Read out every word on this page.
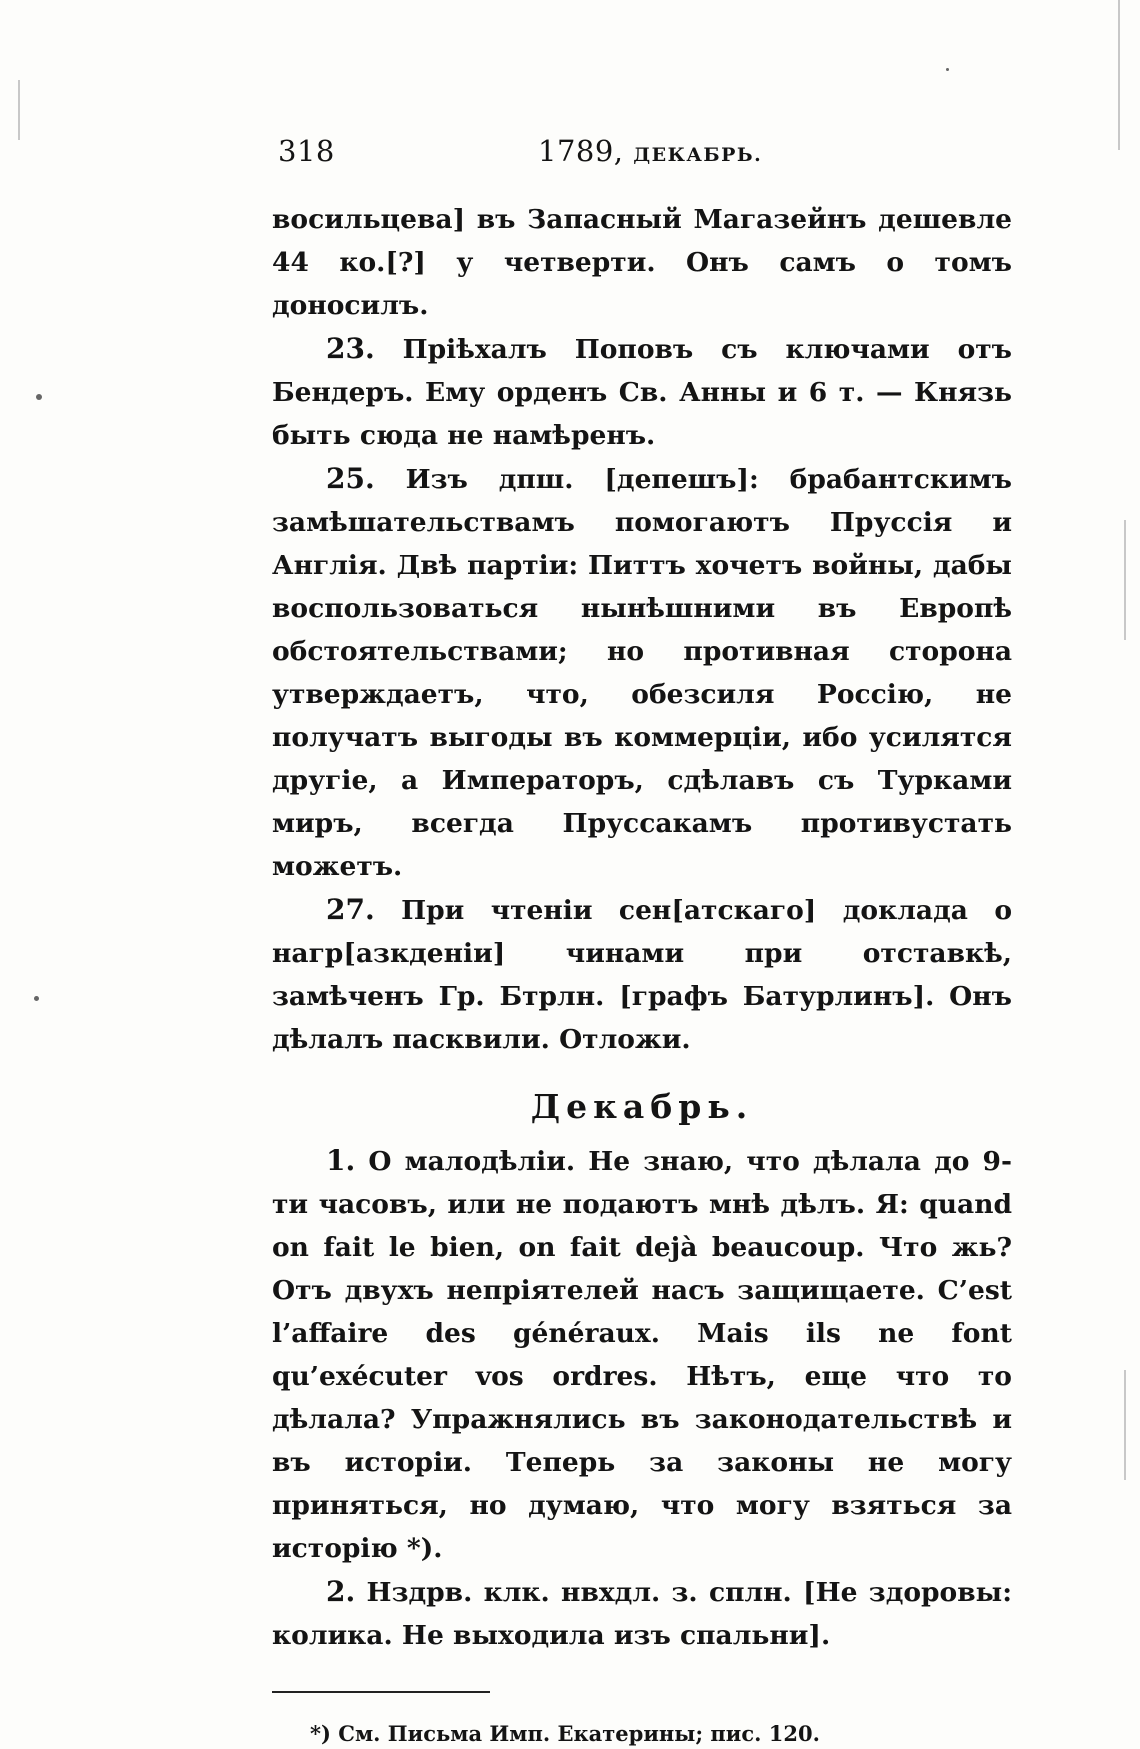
318	1789, ДЕКАБРЬ.

восильцева] въ Запасный Магазейнъ дешевле 44 ко.[?] у четверти. Онъ самъ о томъ доносилъ.

23. Пріѣхалъ Поповъ съ ключами отъ Бендеръ. Ему орденъ Св. Анны и 6 т. — Князь быть сюда не намѣренъ.

25. Изъ дпш. [депешъ]: брабантскимъ замѣшательствамъ помогаютъ Пруссія и Англія. Двѣ партіи: Питтъ хочетъ войны, дабы воспользоваться нынѣшними въ Европѣ обстоятельствами; но противная сторона утверждаетъ, что, обезсиля Россію, не получатъ выгоды въ коммерціи, ибо усилятся другіе, а Императоръ, сдѣлавъ съ Турками миръ, всегда Пруссакамъ противустать можетъ.

27. При чтеніи сен[атскаго] доклада о нагр[азкденіи] чинами при отставкѣ, замѣченъ Гр. Бтрлн. [графъ Батурлинъ]. Онъ дѣлалъ пасквили. Отложи.

Декабрь.

1. О малодѣліи. Не знаю, что дѣлала до 9-ти часовъ, или не подаютъ мнѣ дѣлъ. Я: quand on fait le bien, on fait dejà beaucoup. Что жь? Отъ двухъ непріятелей насъ защищаете. C’est l’affaire des généraux. Mais ils ne font qu’exécuter vos ordres. Нѣтъ, еще что то дѣлала? Упражнялись въ законодательствѣ и въ исторіи. Теперь за законы не могу приняться, но думаю, что могу взяться за исторію *).

2. Нздрв. клк. нвхдл. з. сплн. [Не здоровы: колика. Не выходила изъ спальни].

*) См. Письма Имп. Екатерины; пис. 120.
